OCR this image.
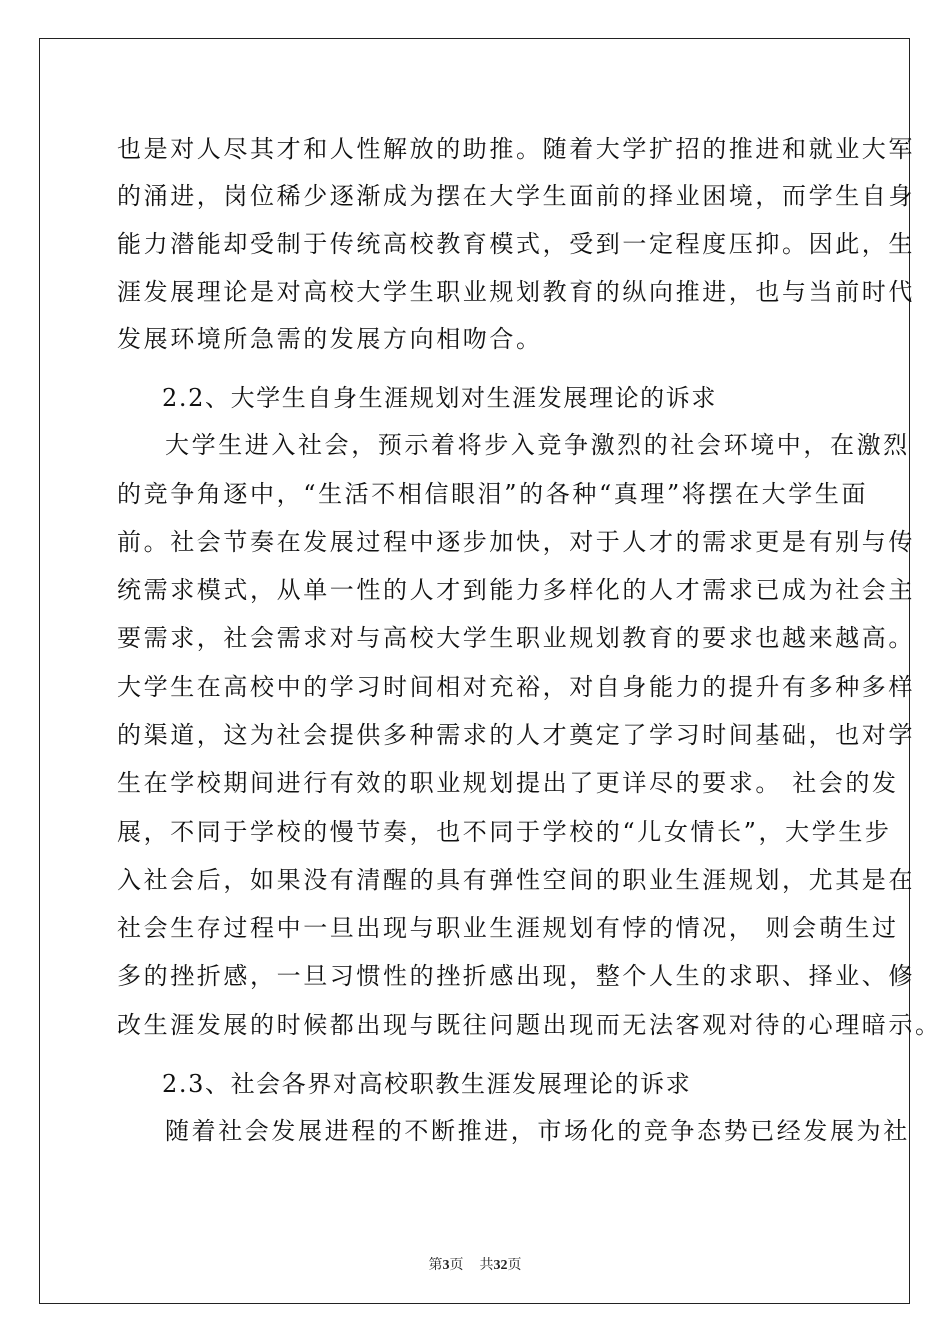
也是对人尽其才和人性解放的助推。随着大学扩招的推进和就业大军
的涌进，岗位稀少逐渐成为摆在大学生面前的择业困境，而学生自身
能力潜能却受制于传统高校教育模式，受到一定程度压抑。因此，生
涯发展理论是对高校大学生职业规划教育的纵向推进，也与当前时代
发展环境所急需的发展方向相吻合。
2.2、大学生自身生涯规划对生涯发展理论的诉求
大学生进入社会，预示着将步入竞争激烈的社会环境中，在激烈
的竞争角逐中，“生活不相信眼泪”的各种“真理”将摆在大学生面
前。社会节奏在发展过程中逐步加快，对于人才的需求更是有别与传
统需求模式，从单一性的人才到能力多样化的人才需求已成为社会主
要需求，社会需求对与高校大学生职业规划教育的要求也越来越高。
大学生在高校中的学习时间相对充裕，对自身能力的提升有多种多样
的渠道，这为社会提供多种需求的人才奠定了学习时间基础，也对学
生在学校期间进行有效的职业规划提出了更详尽的要求。 社会的发
展，不同于学校的慢节奏，也不同于学校的“儿女情长”，大学生步
入社会后，如果没有清醒的具有弹性空间的职业生涯规划，尤其是在
社会生存过程中一旦出现与职业生涯规划有悖的情况， 则会萌生过
多的挫折感，一旦习惯性的挫折感出现，整个人生的求职、择业、修
改生涯发展的时候都出现与既往问题出现而无法客观对待的心理暗示。
2.3、社会各界对高校职教生涯发展理论的诉求
随着社会发展进程的不断推进，市场化的竞争态势已经发展为社
第3页 共32页
